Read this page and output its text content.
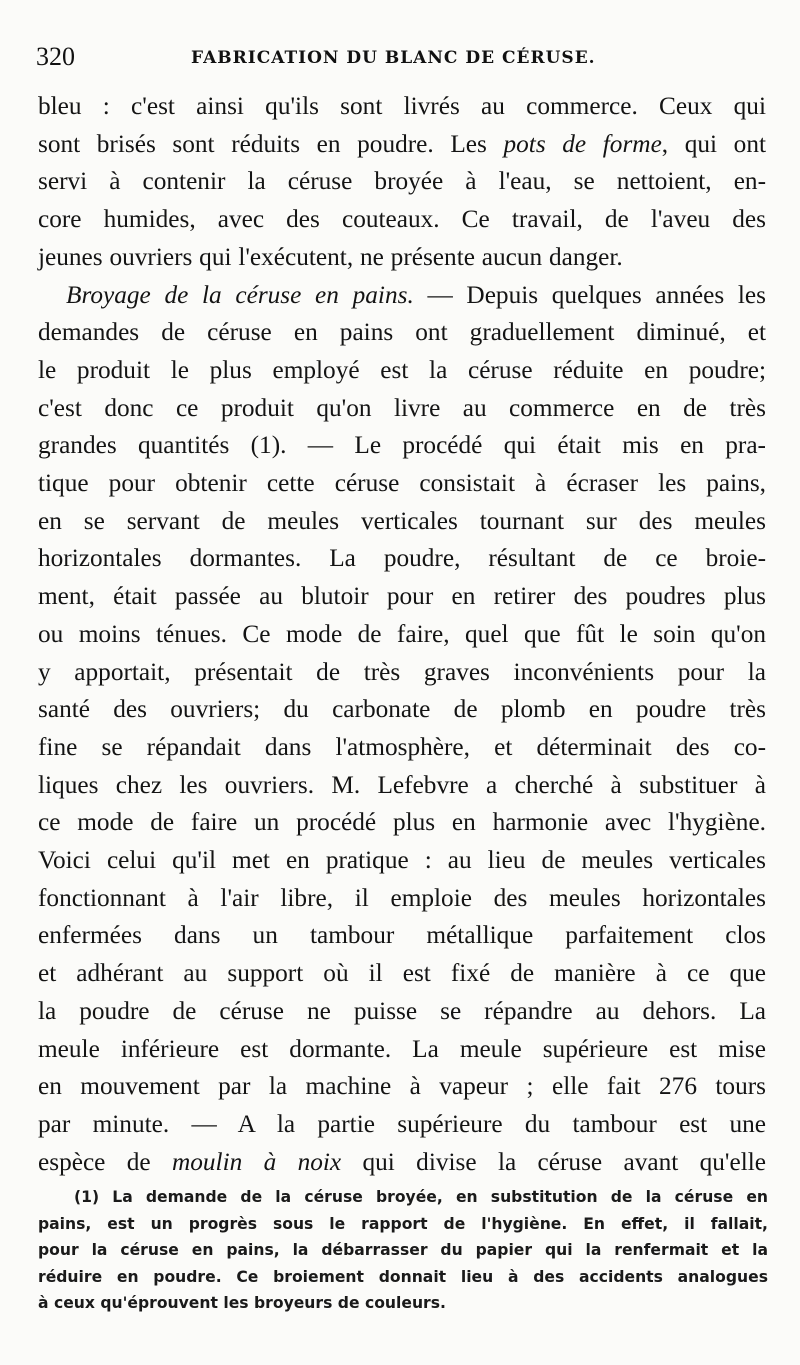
320	FABRICATION DU BLANC DE CÉRUSE.
bleu : c'est ainsi qu'ils sont livrés au commerce. Ceux qui
sont brisés sont réduits en poudre. Les pots de forme, qui ont
servi à contenir la céruse broyée à l'eau, se nettoient, en-
core humides, avec des couteaux. Ce travail, de l'aveu des
jeunes ouvriers qui l'exécutent, ne présente aucun danger.
Broyage de la céruse en pains. — Depuis quelques années les
demandes de céruse en pains ont graduellement diminué, et
le produit le plus employé est la céruse réduite en poudre;
c'est donc ce produit qu'on livre au commerce en de très
grandes quantités (1). — Le procédé qui était mis en pra-
tique pour obtenir cette céruse consistait à écraser les pains,
en se servant de meules verticales tournant sur des meules
horizontales dormantes. La poudre, résultant de ce broie-
ment, était passée au blutoir pour en retirer des poudres plus
ou moins ténues. Ce mode de faire, quel que fût le soin qu'on
y apportait, présentait de très graves inconvénients pour la
santé des ouvriers; du carbonate de plomb en poudre très
fine se répandait dans l'atmosphère, et déterminait des co-
liques chez les ouvriers. M. Lefebvre a cherché à substituer à
ce mode de faire un procédé plus en harmonie avec l'hygiène.
Voici celui qu'il met en pratique : au lieu de meules verticales
fonctionnant à l'air libre, il emploie des meules horizontales
enfermées dans un tambour métallique parfaitement clos
et adhérant au support où il est fixé de manière à ce que
la poudre de céruse ne puisse se répandre au dehors. La
meule inférieure est dormante. La meule supérieure est mise
en mouvement par la machine à vapeur ; elle fait 276 tours
par minute. — A la partie supérieure du tambour est une
espèce de moulin à noix qui divise la céruse avant qu'elle
(1) La demande de la céruse broyée, en substitution de la céruse en
pains, est un progrès sous le rapport de l'hygiène. En effet, il fallait,
pour la céruse en pains, la débarrasser du papier qui la renfermait et la
réduire en poudre. Ce broiement donnait lieu à des accidents analogues
à ceux qu'éprouvent les broyeurs de couleurs.
